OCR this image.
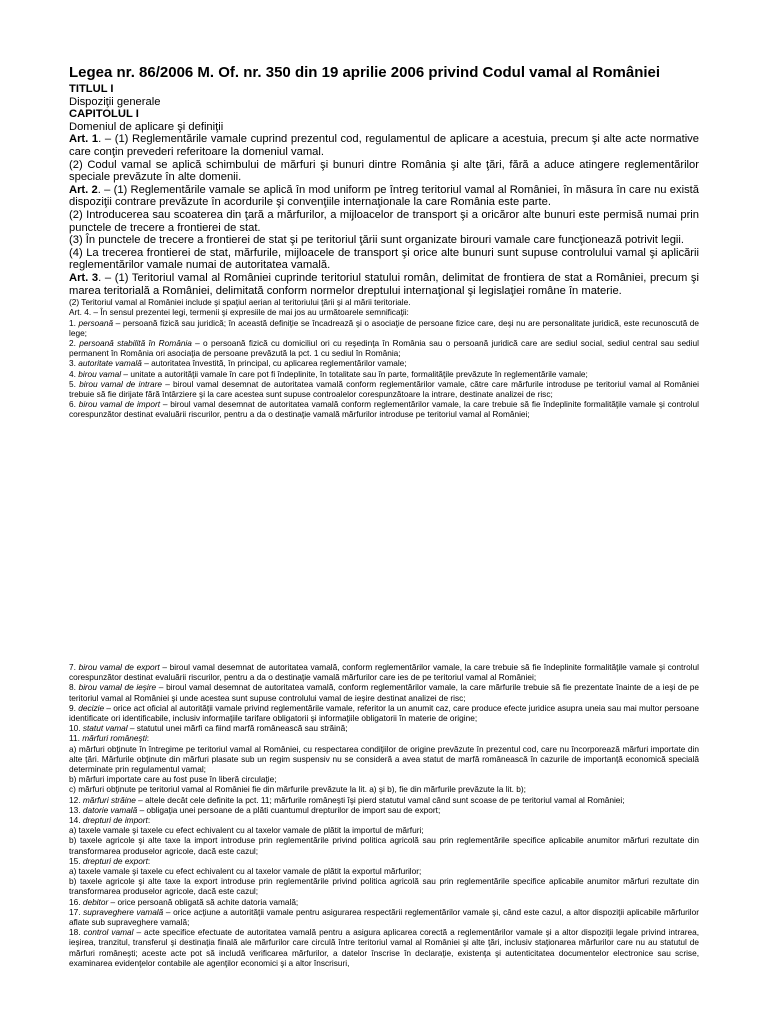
Legea nr. 86/2006 M. Of. nr. 350 din 19 aprilie 2006 privind Codul vamal al României

TITLUL I

Dispoziţii generale

CAPITOLUL I

Domeniul de aplicare şi definiţii

Art. 1. – (1) Reglementările vamale cuprind prezentul cod, regulamentul de aplicare a acestuia, precum şi alte acte normative care conţin prevederi referitoare la domeniul vamal.

(2) Codul vamal se aplică schimbului de mărfuri şi bunuri dintre România şi alte ţări, fără a aduce atingere reglementărilor speciale prevăzute în alte domenii.

Art. 2. – (1) Reglementările vamale se aplică în mod uniform pe întreg teritoriul vamal al României, în măsura în care nu există dispoziţii contrare prevăzute în acordurile şi convenţiile internaţionale la care România este parte.

(2) Introducerea sau scoaterea din ţară a mărfurilor, a mijloacelor de transport şi a oricăror alte bunuri este permisă numai prin punctele de trecere a frontierei de stat.

(3) În punctele de trecere a frontierei de stat şi pe teritoriul ţării sunt organizate birouri vamale care funcţionează potrivit legii.

(4) La trecerea frontierei de stat, mărfurile, mijloacele de transport şi orice alte bunuri sunt supuse controlului vamal şi aplicării reglementărilor vamale numai de autoritatea vamală.

Art. 3. – (1) Teritoriul vamal al României cuprinde teritoriul statului român, delimitat de frontiera de stat a României, precum şi marea teritorială a României, delimitată conform normelor dreptului internaţional şi legislaţiei române în materie.

(2) Teritoriul vamal al României include şi spaţiul aerian al teritoriului ţării şi al mării teritoriale.

Art. 4. – În sensul prezentei legi, termenii şi expresiile de mai jos au următoarele semnificaţii:

1. persoană – persoană fizică sau juridică; în această definiţie se încadrează şi o asociaţie de persoane fizice care, deşi nu are personalitate juridică, este recunoscută de lege;

2. persoană stabilită în România – o persoană fizică cu domiciliul ori cu reşedinţa în România sau o persoană juridică care are sediul social, sediul central sau sediul permanent în România ori asociaţia de persoane prevăzută la pct. 1 cu sediul în România;

3. autoritate vamală – autoritatea învestită, în principal, cu aplicarea reglementărilor vamale;

4. birou vamal – unitate a autorităţii vamale în care pot fi îndeplinite, în totalitate sau în parte, formalităţile prevăzute în reglementările vamale;

5. birou vamal de intrare – biroul vamal desemnat de autoritatea vamală conform reglementărilor vamale, către care mărfurile introduse pe teritoriul vamal al României trebuie să fie dirijate fără întârziere şi la care acestea sunt supuse controalelor corespunzătoare la intrare, destinate analizei de risc;

6. birou vamal de import – biroul vamal desemnat de autoritatea vamală conform reglementărilor vamale, la care trebuie să fie îndeplinite formalităţile vamale şi controlul corespunzător destinat evaluării riscurilor, pentru a da o destinaţie vamală mărfurilor introduse pe teritoriul vamal al României;

7. birou vamal de export – biroul vamal desemnat de autoritatea vamală, conform reglementărilor vamale, la care trebuie să fie îndeplinite formalităţile vamale şi controlul corespunzător destinat evaluării riscurilor, pentru a da o destinaţie vamală mărfurilor care ies de pe teritoriul vamal al României;

8. birou vamal de ieşire – biroul vamal desemnat de autoritatea vamală, conform reglementărilor vamale, la care mărfurile trebuie să fie prezentate înainte de a ieşi de pe teritoriul vamal al României şi unde acestea sunt supuse controlului vamal de ieşire destinat analizei de risc;

9. decizie – orice act oficial al autorităţii vamale privind reglementările vamale, referitor la un anumit caz, care produce efecte juridice asupra uneia sau mai multor persoane identificate ori identificabile, inclusiv informaţiile tarifare obligatorii şi informaţiile obligatorii în materie de origine;

10. statut vamal – statutul unei mărfi ca fiind marfă românească sau străină;

11. mărfuri româneşti:

a) mărfuri obţinute în întregime pe teritoriul vamal al României, cu respectarea condiţiilor de origine prevăzute în prezentul cod, care nu încorporează mărfuri importate din alte ţări. Mărfurile obţinute din mărfuri plasate sub un regim suspensiv nu se consideră a avea statut de marfă românească în cazurile de importanţă economică specială determinate prin regulamentul vamal;

b) mărfuri importate care au fost puse în liberă circulaţie;

c) mărfuri obţinute pe teritoriul vamal al României fie din mărfurile prevăzute la lit. a) şi b), fie din mărfurile prevăzute la lit. b);

12. mărfuri străine – altele decât cele definite la pct. 11; mărfurile româneşti îşi pierd statutul vamal când sunt scoase de pe teritoriul vamal al României;

13. datorie vamală – obligaţia unei persoane de a plăti cuantumul drepturilor de import sau de export;

14. drepturi de import:

a) taxele vamale şi taxele cu efect echivalent cu al taxelor vamale de plătit la importul de mărfuri;

b) taxele agricole şi alte taxe la import introduse prin reglementările privind politica agricolă sau prin reglementările specifice aplicabile anumitor mărfuri rezultate din transformarea produselor agricole, dacă este cazul;

15. drepturi de export:

a) taxele vamale şi taxele cu efect echivalent cu al taxelor vamale de plătit la exportul mărfurilor;

b) taxele agricole şi alte taxe la export introduse prin reglementările privind politica agricolă sau prin reglementările specifice aplicabile anumitor mărfuri rezultate din transformarea produselor agricole, dacă este cazul;

16. debitor – orice persoană obligată să achite datoria vamală;

17. supraveghere vamală – orice acţiune a autorităţii vamale pentru asigurarea respectării reglementărilor vamale şi, când este cazul, a altor dispoziţii aplicabile mărfurilor aflate sub supraveghere vamală;

18. control vamal – acte specifice efectuate de autoritatea vamală pentru a asigura aplicarea corectă a reglementărilor vamale şi a altor dispoziţii legale privind intrarea, ieşirea, tranzitul, transferul şi destinaţia finală ale mărfurilor care circulă între teritoriul vamal al României şi alte ţări, inclusiv staţionarea mărfurilor care nu au statutul de mărfuri româneşti; aceste acte pot să includă verificarea mărfurilor, a datelor înscrise în declaraţie, existenţa şi autenticitatea documentelor electronice sau scrise, examinarea evidenţelor contabile ale agenţilor economici şi a altor înscrisuri,
